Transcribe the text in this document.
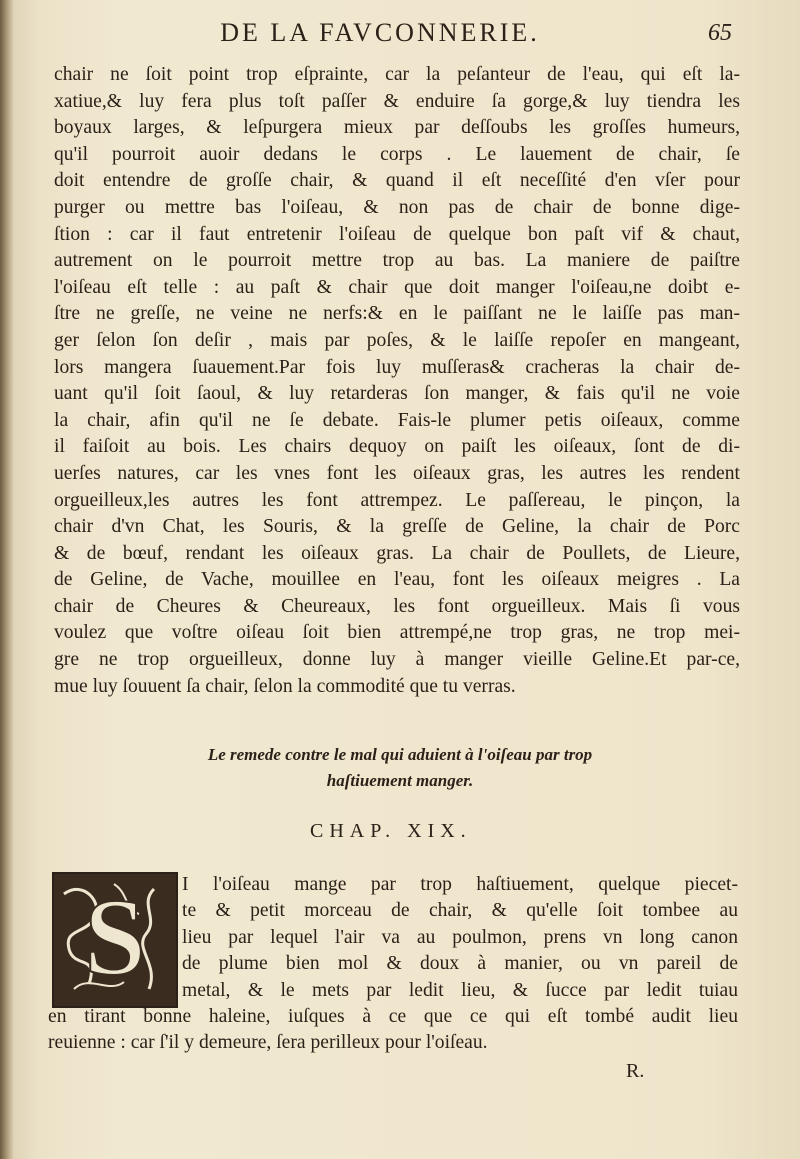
DE LA FAVCONNERIE.	65
chair ne ſoit point trop eſpraintе, car la peſanteur de l'eau, qui eſt la-
xatiue,& luy fera plus toſt paſſer & enduire ſa gorge,& luy tiendra les
boyaux larges, & leſpurgera mieux par deſſoubs les groſſes humeurs,
qu'il pourroit auoir dedans le corps . Le lauement de chair, ſe
doit entendre de groſſe chair, & quand il eſt neceſſité d'en vſer pour
purger ou mettre bas l'oiſeau, & non pas de chair de bonne dige-
ſtion : car il faut entretenir l'oiſeau de quelque bon paſt vif & chaut,
autrement on le pourroit mettre trop au bas. La maniere de paiſtre
l'oiſeau eſt telle : au paſt & chair que doit manger l'oiſeau,ne doibt e-
ſtre ne greſſe, ne veine ne nerfs:& en le paiſſant ne le laiſſe pas man-
ger ſelon ſon deſir , mais par poſes, & le laiſſe repoſer en mangeant,
lors mangera ſuauement.Par fois luy muſſeras& cracheras la chair de-
uant qu'il ſoit ſaoul, & luy retarderas ſon manger, & fais qu'il ne voie
la chair, afin qu'il ne ſe debate. Fais-le plumer petis oiſeaux, comme
il faiſoit au bois. Les chairs dequoy on paiſt les oiſeaux, ſont de di-
uerſes natures, car les vnes font les oiſeaux gras, les autres les rendent
orgueilleux,les autres les font attrempez. Le paſſereau, le pinçon, la
chair d'vn Chat, les Souris, & la greſſe de Geline, la chair de Porc
& de bœuf, rendant les oiſeaux gras. La chair de Poullets, de Lieure,
de Geline, de Vache, mouillee en l'eau, font les oiſeaux meigres . La
chair de Cheures & Cheureaux, les font orgueilleux. Mais ſi vous
voulez que voſtre oiſeau ſoit bien attrempé,ne trop gras, ne trop mei-
gre ne trop orgueilleux, donne luy à manger vieille Geline.Et par-ce,
mue luy ſouuent ſa chair, ſelon la commodité que tu verras.
Le remede contre le mal qui aduient à l'oiſeau par trop
haſtiuement manger.
CHAP. XIX.
S I l'oiſeau mange par trop haſtiuement, quelque piecet-
te & petit morceau de chair, & qu'elle ſoit tombee au
lieu par lequel l'air va au poulmon, prens vn long canon
de plume bien mol & doux à manier, ou vn pareil de
metal, & le mets par ledit lieu, & ſucce par ledit tuiau
en tirant bonne haleine, iuſques à ce que ce qui eſt tombé audit lieu
reuienne : car ſ'il y demeure, ſera perilleux pour l'oiſeau.
R.
